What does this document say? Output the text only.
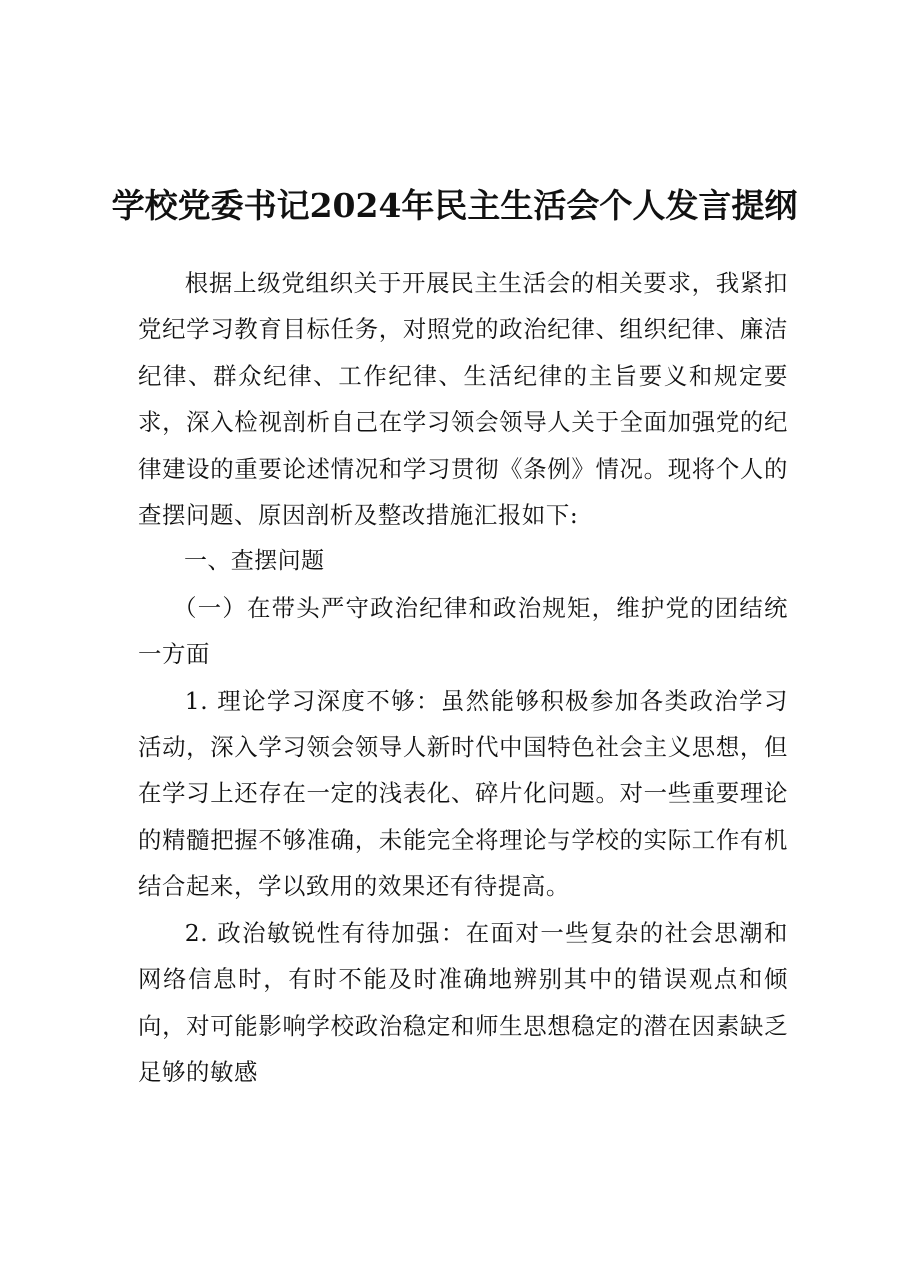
学校党委书记2024年民主生活会个人发言提纲

根据上级党组织关于开展民主生活会的相关要求，我紧扣党纪学习教育目标任务，对照党的政治纪律、组织纪律、廉洁纪律、群众纪律、工作纪律、生活纪律的主旨要义和规定要求，深入检视剖析自己在学习领会领导人关于全面加强党的纪律建设的重要论述情况和学习贯彻《条例》情况。现将个人的查摆问题、原因剖析及整改措施汇报如下:

一、查摆问题

（一）在带头严守政治纪律和政治规矩，维护党的团结统一方面

1. 理论学习深度不够：虽然能够积极参加各类政治学习活动，深入学习领会领导人新时代中国特色社会主义思想，但在学习上还存在一定的浅表化、碎片化问题。对一些重要理论的精髓把握不够准确，未能完全将理论与学校的实际工作有机结合起来，学以致用的效果还有待提高。

2. 政治敏锐性有待加强：在面对一些复杂的社会思潮和网络信息时，有时不能及时准确地辨别其中的错误观点和倾向，对可能影响学校政治稳定和师生思想稳定的潜在因素缺乏足够的敏感
